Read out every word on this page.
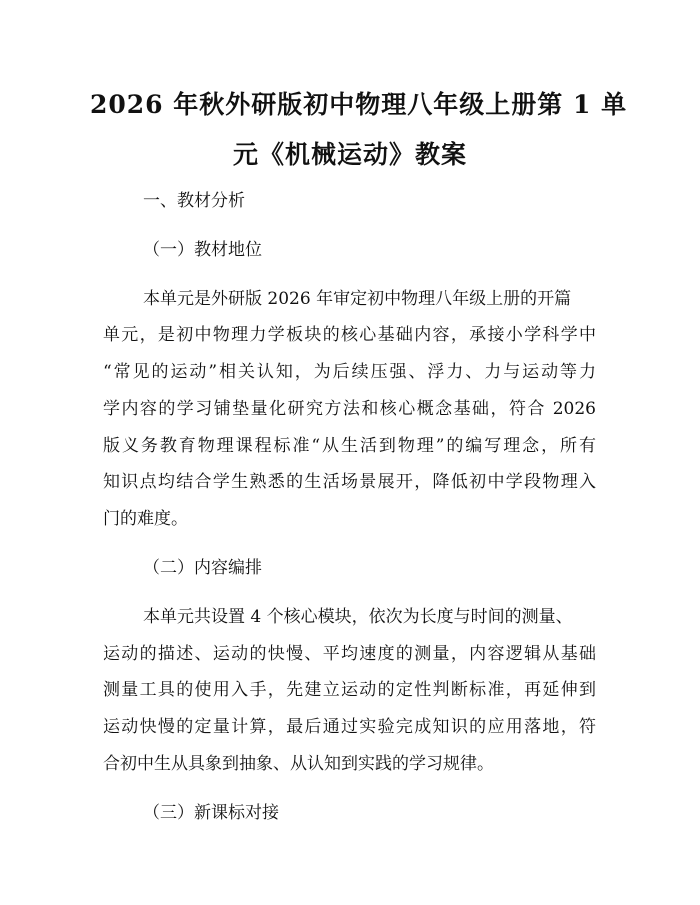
2026 年秋外研版初中物理八年级上册第 1 单
元《机械运动》教案
一、教材分析
（一）教材地位
本单元是外研版 2026 年审定初中物理八年级上册的开篇
单元，是初中物理力学板块的核心基础内容，承接小学科学中
“常见的运动”相关认知，为后续压强、浮力、力与运动等力
学内容的学习铺垫量化研究方法和核心概念基础，符合 2026
版义务教育物理课程标准“从生活到物理”的编写理念，所有
知识点均结合学生熟悉的生活场景展开，降低初中学段物理入
门的难度。
（二）内容编排
本单元共设置 4 个核心模块，依次为长度与时间的测量、
运动的描述、运动的快慢、平均速度的测量，内容逻辑从基础
测量工具的使用入手，先建立运动的定性判断标准，再延伸到
运动快慢的定量计算，最后通过实验完成知识的应用落地，符
合初中生从具象到抽象、从认知到实践的学习规律。
（三）新课标对接
